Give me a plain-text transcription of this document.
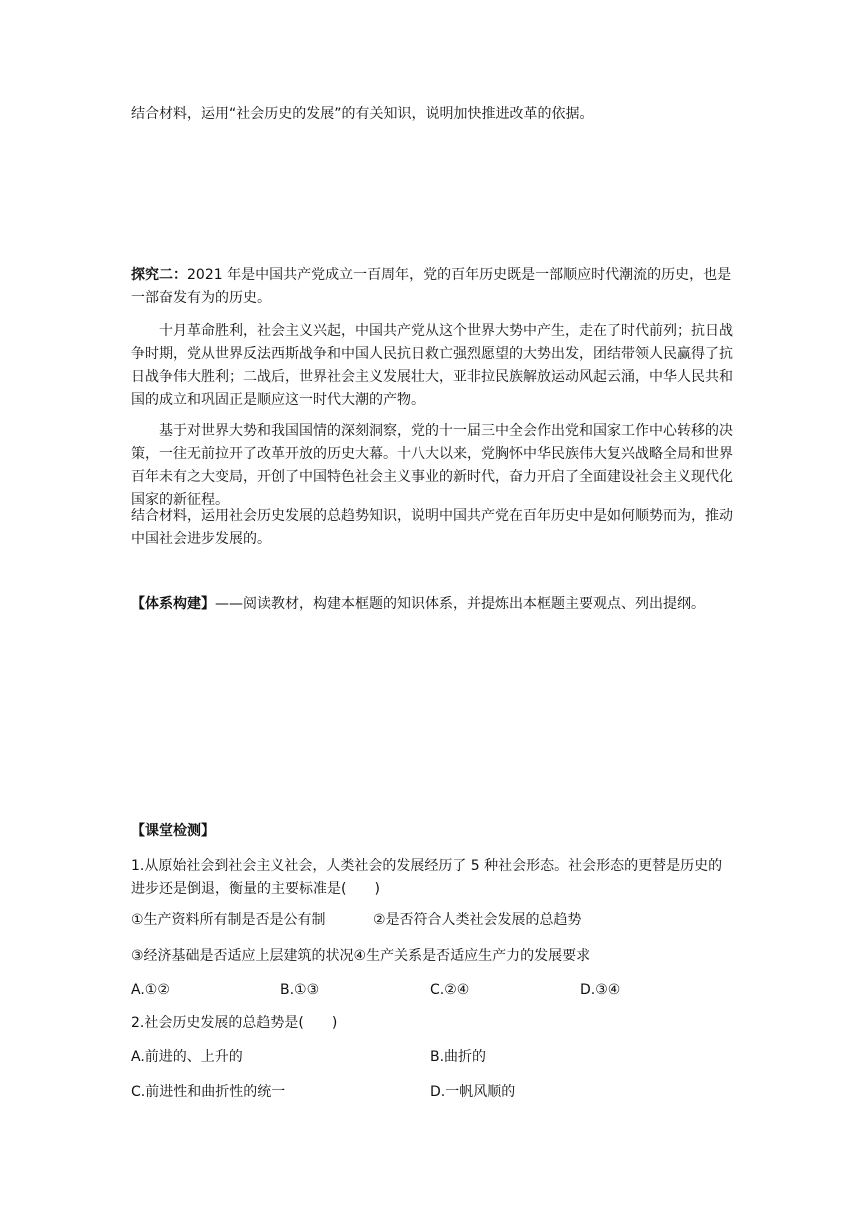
结合材料，运用“社会历史的发展”的有关知识，说明加快推进改革的依据。

探究二：2021 年是中国共产党成立一百周年，党的百年历史既是一部顺应时代潮流的历史，也是一部奋发有为的历史。

十月革命胜利，社会主义兴起，中国共产党从这个世界大势中产生，走在了时代前列；抗日战争时期，党从世界反法西斯战争和中国人民抗日救亡强烈愿望的大势出发，团结带领人民赢得了抗日战争伟大胜利；二战后，世界社会主义发展壮大，亚非拉民族解放运动风起云涌，中华人民共和国的成立和巩固正是顺应这一时代大潮的产物。

基于对世界大势和我国国情的深刻洞察，党的十一届三中全会作出党和国家工作中心转移的决策，一往无前拉开了改革开放的历史大幕。十八大以来，党胸怀中华民族伟大复兴战略全局和世界百年未有之大变局，开创了中国特色社会主义事业的新时代，奋力开启了全面建设社会主义现代化国家的新征程。

结合材料，运用社会历史发展的总趋势知识，说明中国共产党在百年历史中是如何顺势而为，推动中国社会进步发展的。

【体系构建】——阅读教材，构建本框题的知识体系，并提炼出本框题主要观点、列出提纲。

【课堂检测】

1.从原始社会到社会主义社会，人类社会的发展经历了 5 种社会形态。社会形态的更替是历史的进步还是倒退，衡量的主要标准是(　　)

①生产资料所有制是否是公有制	②是否符合人类社会发展的总趋势
③经济基础是否适应上层建筑的状况④生产关系是否适应生产力的发展要求
A.①②	B.①③	C.②④	D.③④
2.社会历史发展的总趋势是(　　)
A.前进的、上升的	B.曲折的
C.前进性和曲折性的统一	D.一帆风顺的
